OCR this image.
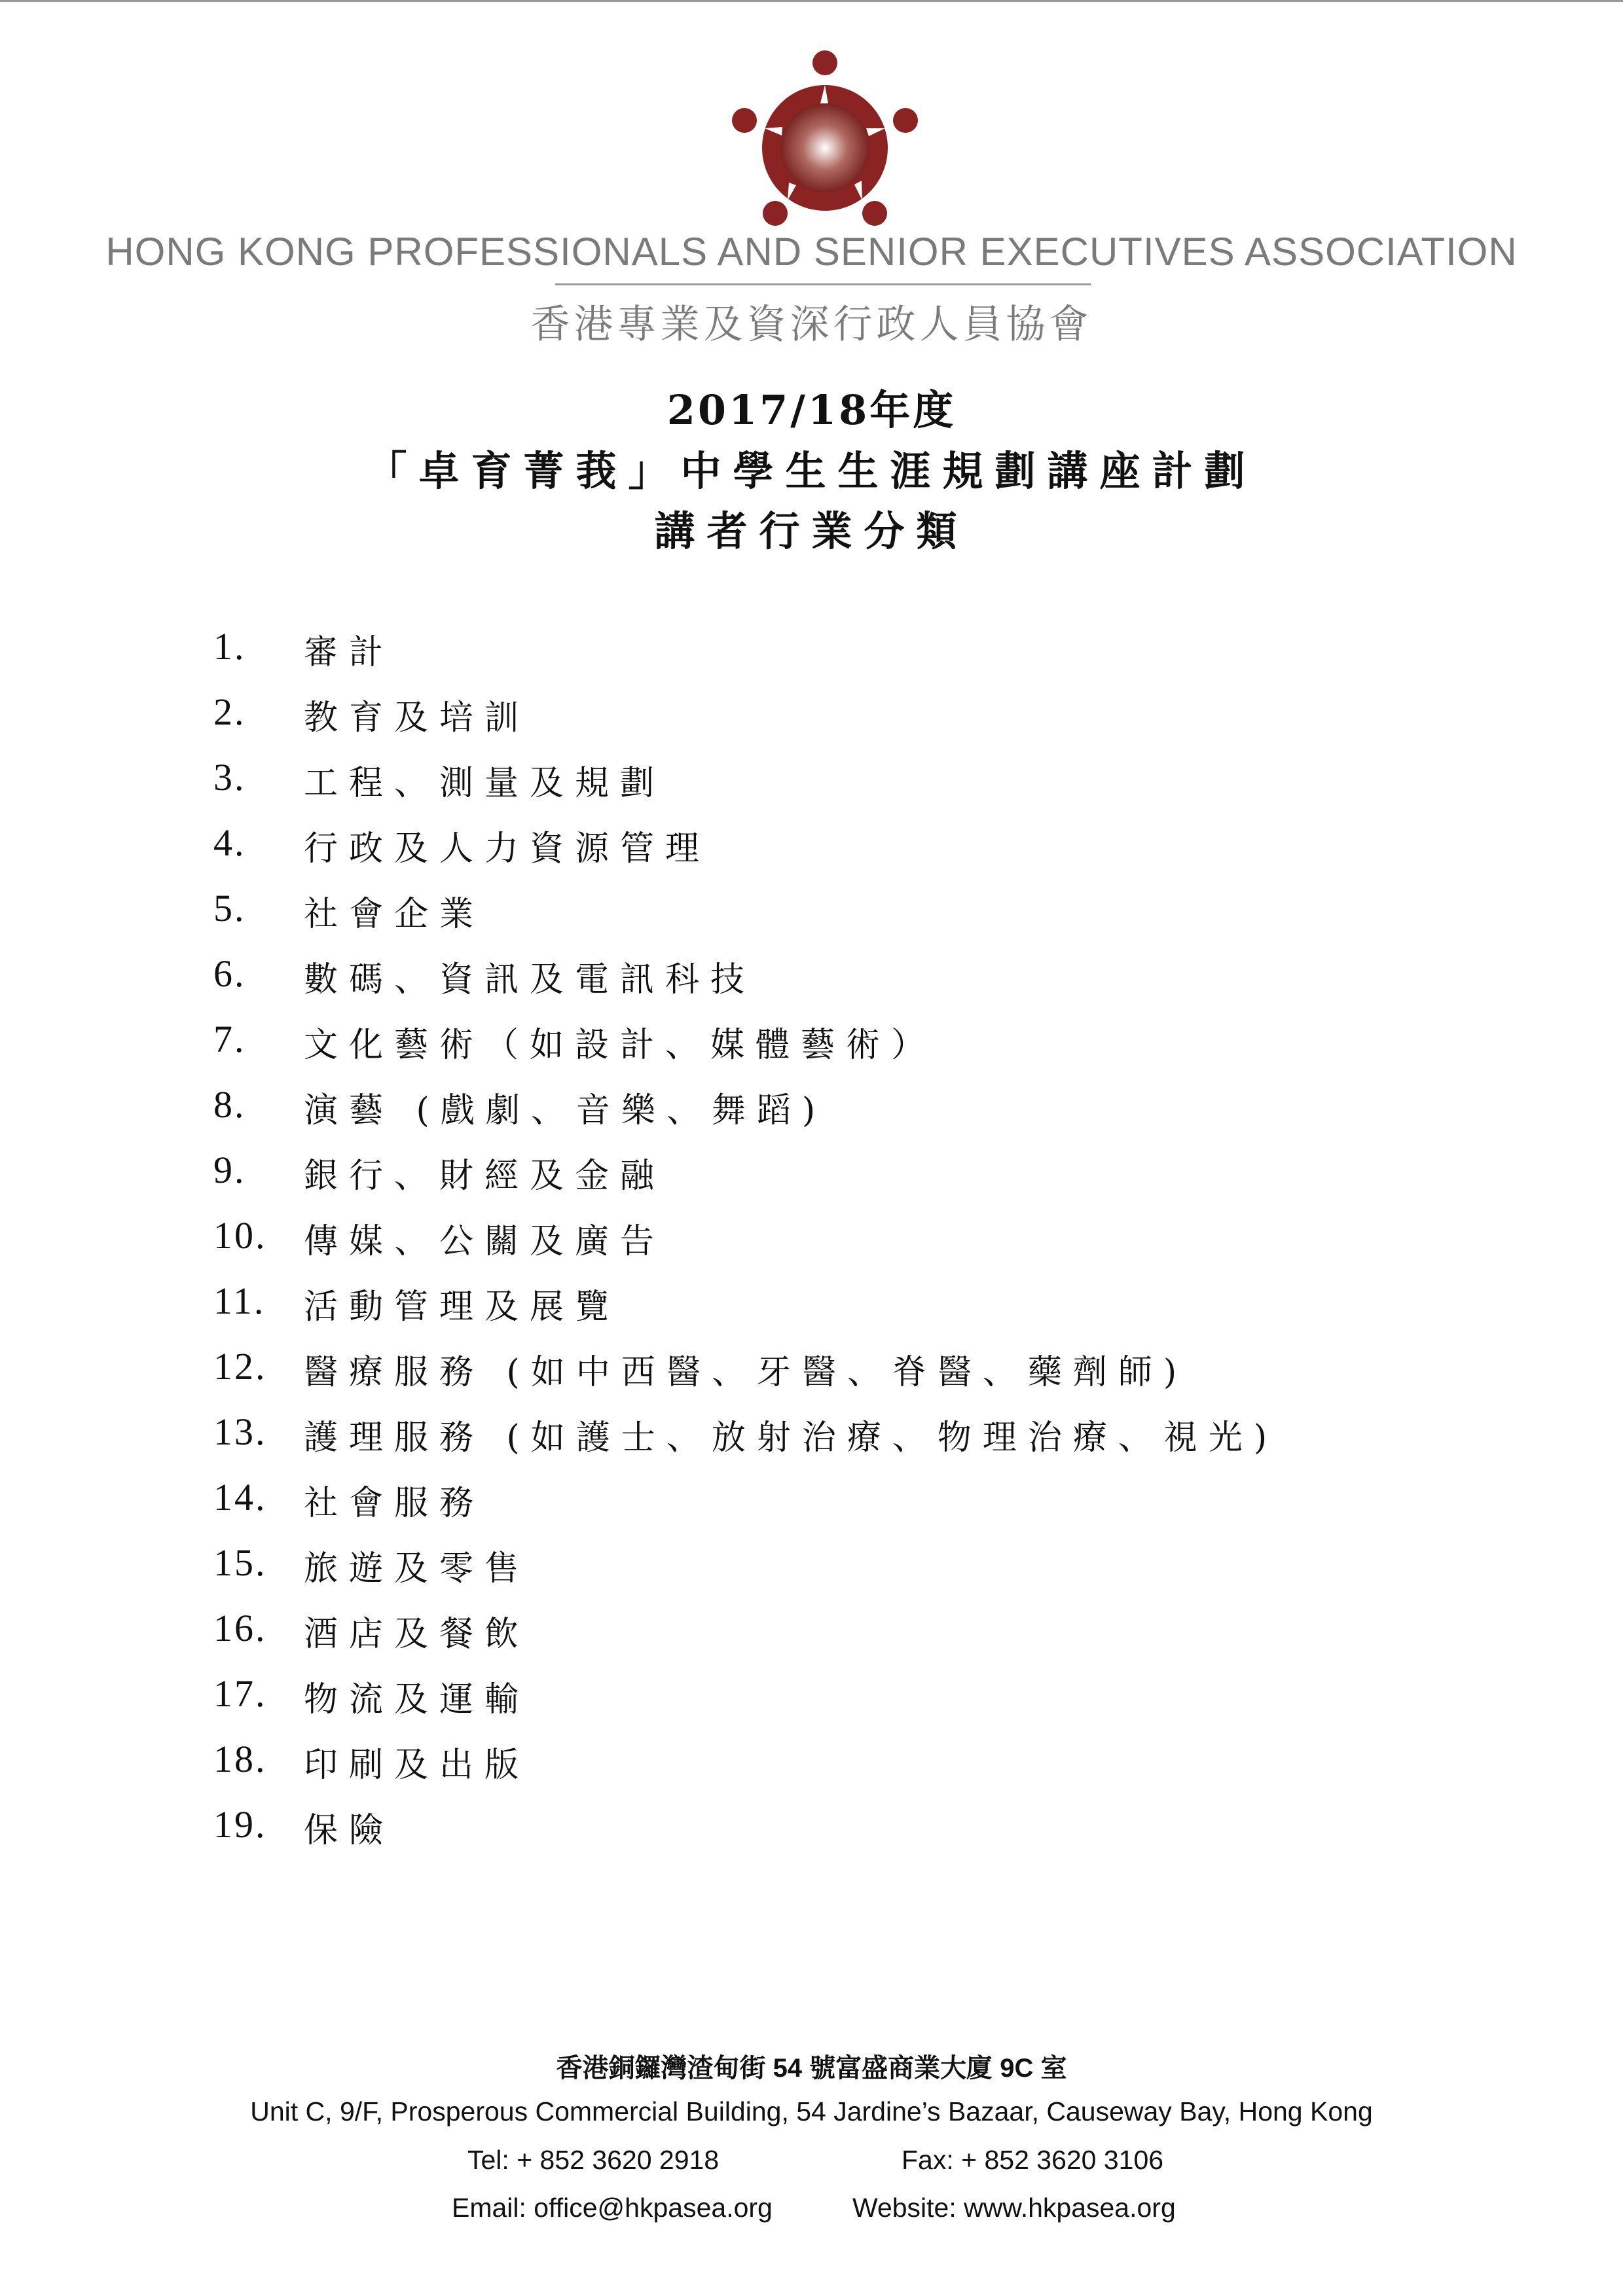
HONG KONG PROFESSIONALS AND SENIOR EXECUTIVES ASSOCIATION
香港專業及資深行政人員協會
2017/18年度
「卓育菁莪」中學生生涯規劃講座計劃
講者行業分類
1. 審計
2. 教育及培訓
3. 工程、測量及規劃
4. 行政及人力資源管理
5. 社會企業
6. 數碼、資訊及電訊科技
7. 文化藝術（如設計、媒體藝術）
8. 演藝 (戲劇、音樂、舞蹈)
9. 銀行、財經及金融
10. 傳媒、公關及廣告
11. 活動管理及展覽
12. 醫療服務 (如中西醫、牙醫、脊醫、藥劑師)
13. 護理服務 (如護士、放射治療、物理治療、視光)
14. 社會服務
15. 旅遊及零售
16. 酒店及餐飲
17. 物流及運輸
18. 印刷及出版
19. 保險
香港銅鑼灣渣甸街 54 號富盛商業大廈 9C 室
Unit C, 9/F, Prosperous Commercial Building, 54 Jardine’s Bazaar, Causeway Bay, Hong Kong
Tel: + 852 3620 2918	Fax: + 852 3620 3106
Email: office@hkpasea.org	Website: www.hkpasea.org
